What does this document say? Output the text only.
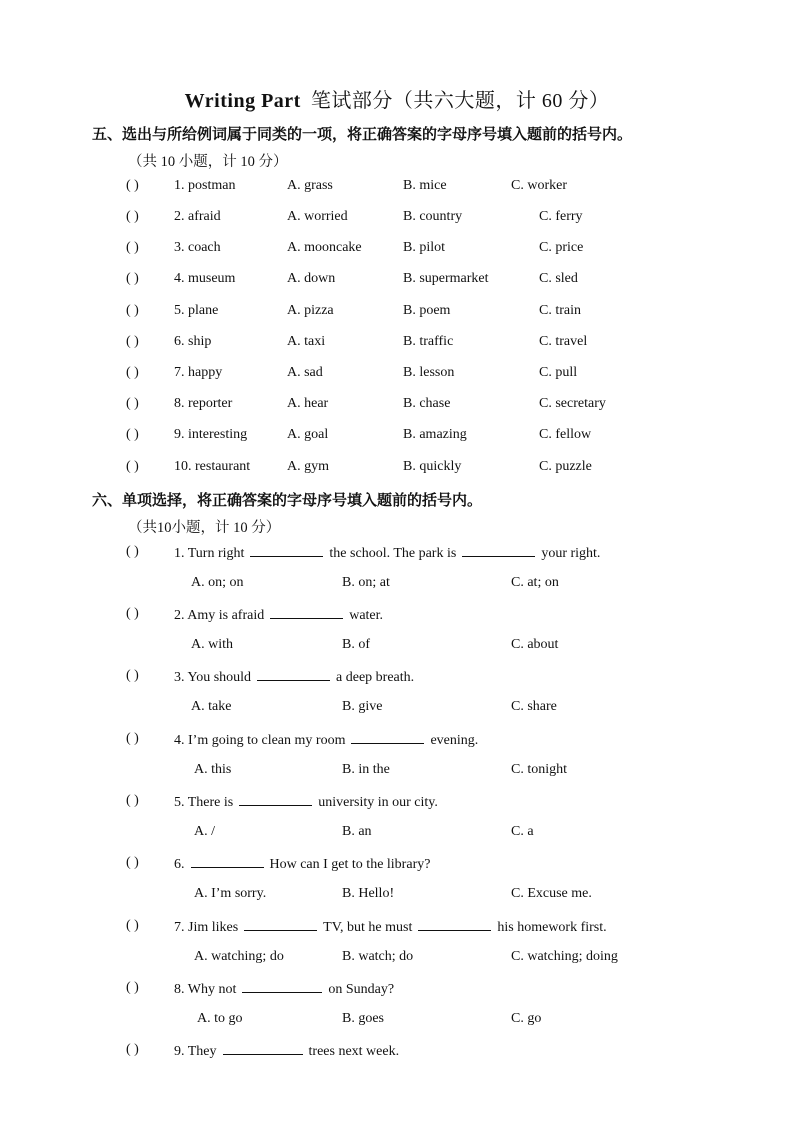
Writing Part 笔试部分（共六大题，计 60 分）
五、选出与所给例词属于同类的一项，将正确答案的字母序号填入题前的括号内。
（共 10 小题，计 10 分）
( )	1. postman	A. grass	B. mice	C. worker
( )	2. afraid	A. worried	B. country	C. ferry
( )	3. coach	A. mooncake	B. pilot	C. price
( )	4. museum	A. down	B. supermarket	C. sled
( )	5. plane	A. pizza	B. poem	C. train
( )	6. ship	A. taxi	B. traffic	C. travel
( )	7. happy	A. sad	B. lesson	C. pull
( )	8. reporter	A. hear	B. chase	C. secretary
( )	9. interesting	A. goal	B. amazing	C. fellow
( )	10. restaurant	A. gym	B. quickly	C. puzzle
六、单项选择，将正确答案的字母序号填入题前的括号内。
（共10小题，计 10 分）
( )	1. Turn right	the school. The park is	your right.
A. on; on	B. on; at	C. at; on
( )	2. Amy is afraid	water.
A. with	B. of	C. about
( )	3. You should	a deep breath.
A. take	B. give	C. share
( )	4. I’m going to clean my room	evening.
A. this	B. in the	C. tonight
( )	5. There is	university in our city.
A. /	B. an	C. a
( )	6.	How can I get to the library?
A. I’m sorry.	B. Hello!	C. Excuse me.
( )	7. Jim likes	TV, but he must	his homework first.
A. watching; do	B. watch; do	C. watching; doing
( )	8. Why not	on Sunday?
A. to go	B. goes	C. go
( )	9. They	trees next week.
